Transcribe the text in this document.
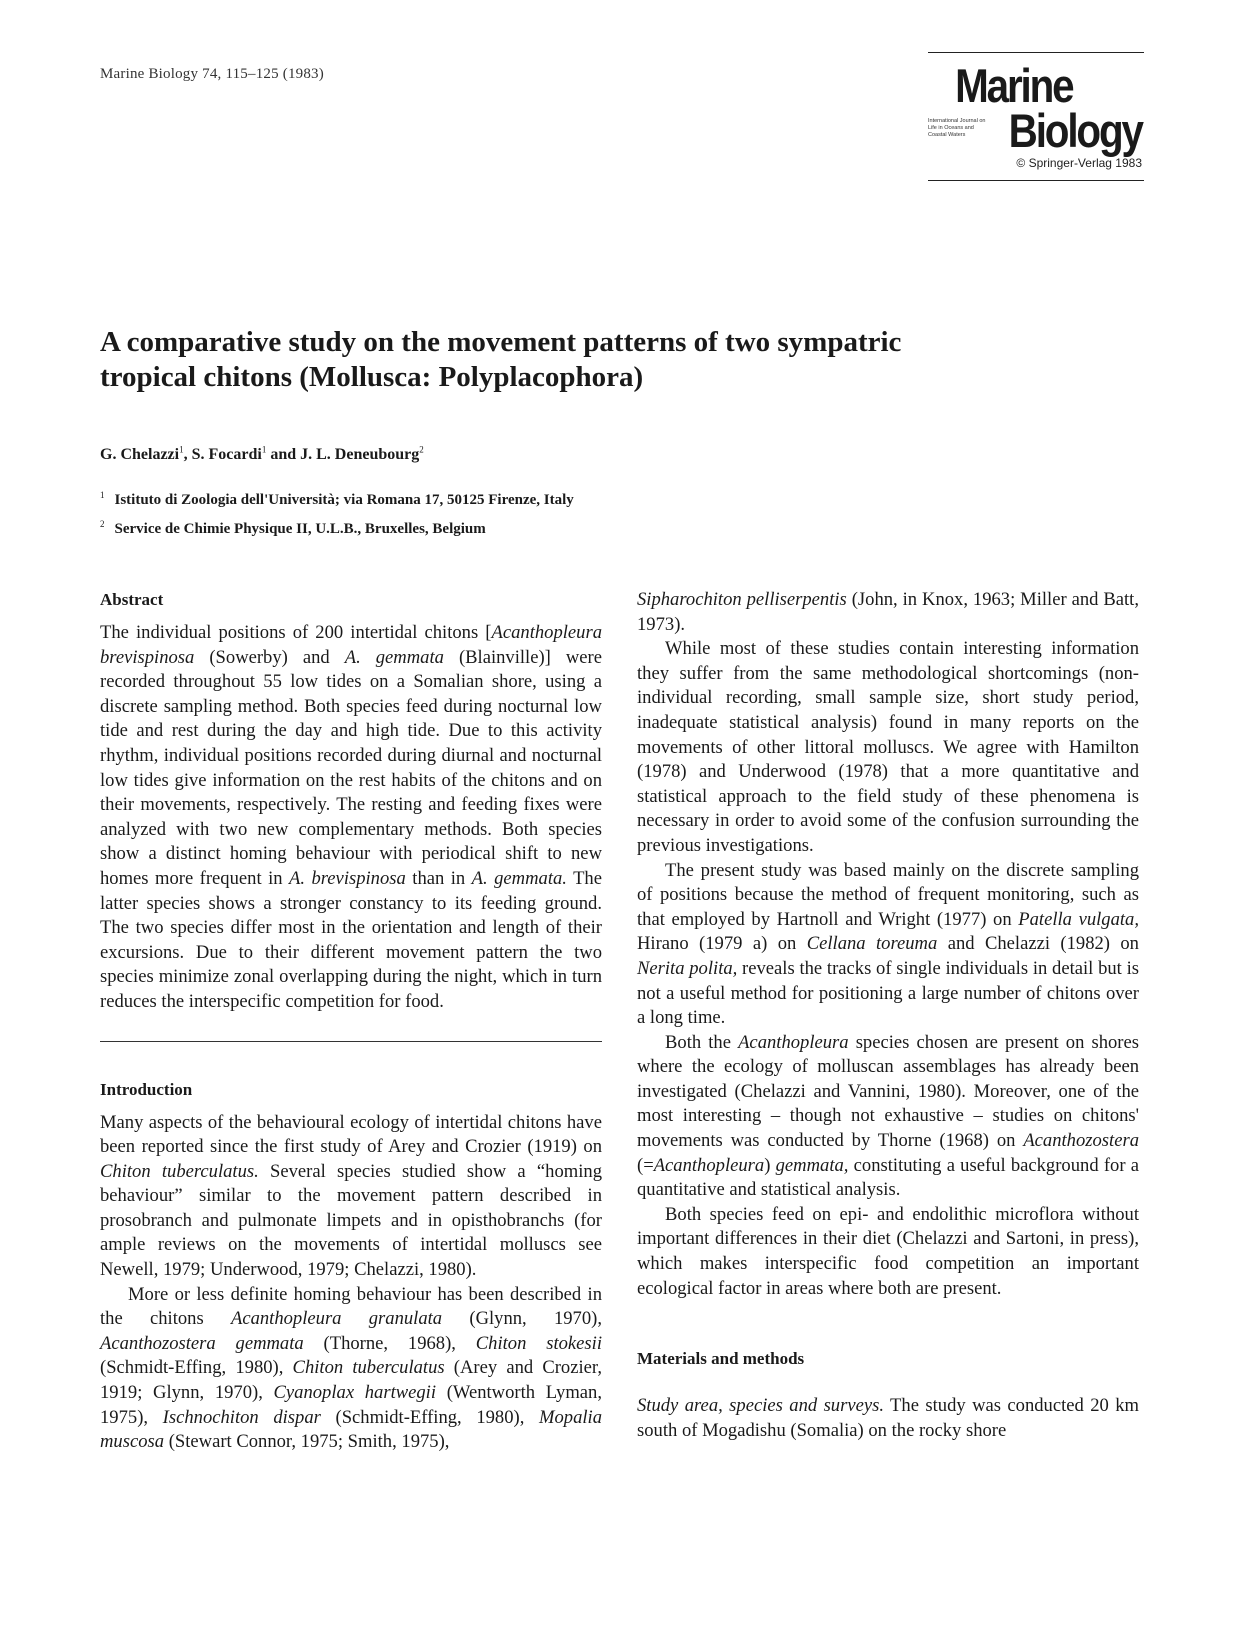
Marine Biology 74, 115–125 (1983)	Marine
International Journal on Life in Oceans and Coastal Waters Biology
© Springer-Verlag 1983
A comparative study on the movement patterns of two sympatric
tropical chitons (Mollusca: Polyplacophora)
G. Chelazzi$^1$, S. Focardi$^1$ and J. L. Deneubourg$^2$
$^1$ Istituto di Zoologia dell'Università; via Romana 17, 50125 Firenze, Italy
$^2$ Service de Chimie Physique II, U.L.B., Bruxelles, Belgium
Abstract

The individual positions of 200 intertidal chitons [Acanthopleura brevispinosa (Sowerby) and A. gemmata (Blainville)] were recorded throughout 55 low tides on a Somalian shore, using a discrete sampling method. Both species feed during nocturnal low tide and rest during the day and high tide. Due to this activity rhythm, individual positions recorded during diurnal and nocturnal low tides give information on the rest habits of the chitons and on their movements, respectively. The resting and feeding fixes were analyzed with two new complementary methods. Both species show a distinct homing behaviour with periodical shift to new homes more frequent in A. brevispinosa than in A. gemmata. The latter species shows a stronger constancy to its feeding ground. The two species differ most in the orientation and length of their excursions. Due to their different movement pattern the two species minimize zonal overlapping during the night, which in turn reduces the interspecific competition for food.

Introduction

Many aspects of the behavioural ecology of intertidal chitons have been reported since the first study of Arey and Crozier (1919) on Chiton tuberculatus. Several species studied show a “homing behaviour” similar to the movement pattern described in prosobranch and pulmonate limpets and in opisthobranchs (for ample reviews on the movements of intertidal molluscs see Newell, 1979; Underwood, 1979; Chelazzi, 1980).

More or less definite homing behaviour has been described in the chitons Acanthopleura granulata (Glynn, 1970), Acanthozostera gemmata (Thorne, 1968), Chiton stokesii (Schmidt-Effing, 1980), Chiton tuberculatus (Arey and Crozier, 1919; Glynn, 1970), Cyanoplax hartwegii (Wentworth Lyman, 1975), Ischnochiton dispar (Schmidt-Effing, 1980), Mopalia muscosa (Stewart Connor, 1975; Smith, 1975),

Sipharochiton pelliserpentis (John, in Knox, 1963; Miller and Batt, 1973).

While most of these studies contain interesting information they suffer from the same methodological shortcomings (non-individual recording, small sample size, short study period, inadequate statistical analysis) found in many reports on the movements of other littoral molluscs. We agree with Hamilton (1978) and Underwood (1978) that a more quantitative and statistical approach to the field study of these phenomena is necessary in order to avoid some of the confusion surrounding the previous investigations.

The present study was based mainly on the discrete sampling of positions because the method of frequent monitoring, such as that employed by Hartnoll and Wright (1977) on Patella vulgata, Hirano (1979 a) on Cellana toreuma and Chelazzi (1982) on Nerita polita, reveals the tracks of single individuals in detail but is not a useful method for positioning a large number of chitons over a long time.

Both the Acanthopleura species chosen are present on shores where the ecology of molluscan assemblages has already been investigated (Chelazzi and Vannini, 1980). Moreover, one of the most interesting – though not exhaustive – studies on chitons' movements was conducted by Thorne (1968) on Acanthozostera (=Acanthopleura) gemmata, constituting a useful background for a quantitative and statistical analysis.

Both species feed on epi- and endolithic microflora without important differences in their diet (Chelazzi and Sartoni, in press), which makes interspecific food competition an important ecological factor in areas where both are present.

Materials and methods

Study area, species and surveys. The study was conducted 20 km south of Mogadishu (Somalia) on the rocky shore
